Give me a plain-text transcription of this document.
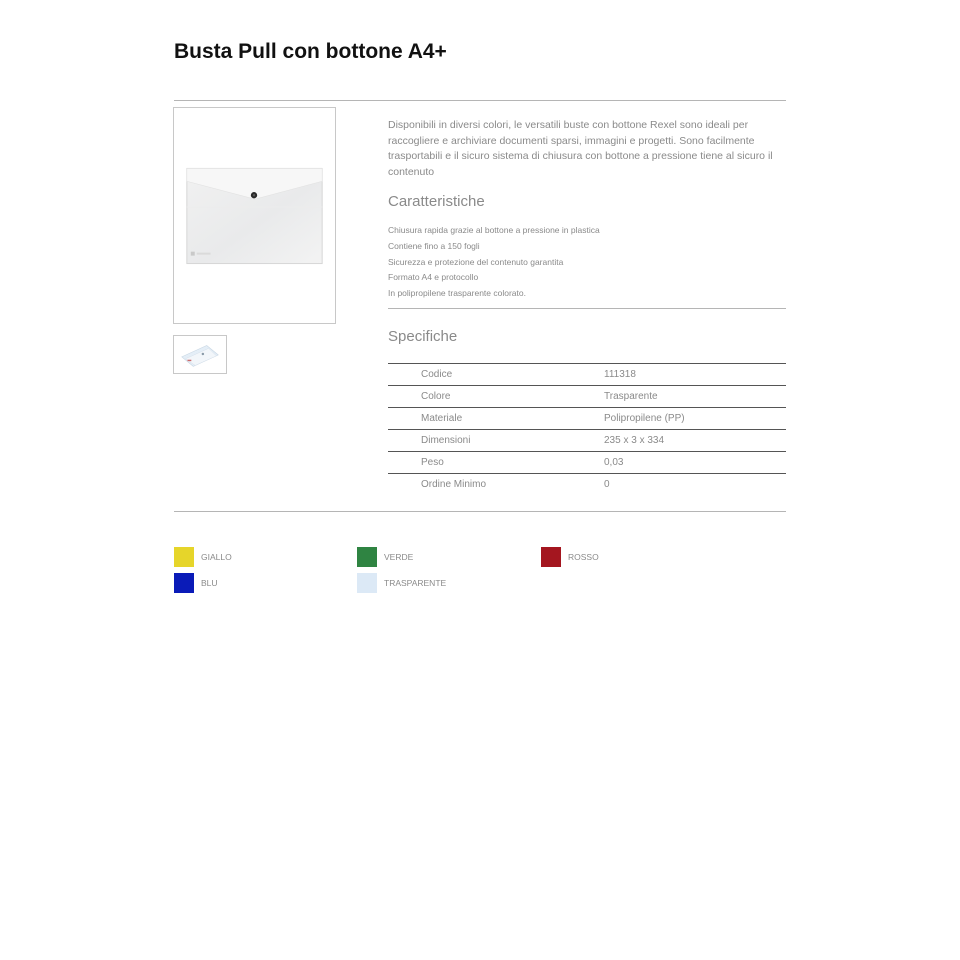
Busta Pull con bottone A4+

Disponibili in diversi colori, le versatili buste con bottone Rexel sono ideali per raccogliere e archiviare documenti sparsi, immagini e progetti. Sono facilmente trasportabili e il sicuro sistema di chiusura con bottone a pressione tiene al sicuro il contenuto

Caratteristiche
Chiusura rapida grazie al bottone a pressione in plastica
Contiene fino a 150 fogli
Sicurezza e protezione del contenuto garantita
Formato A4 e protocollo
In polipropilene trasparente colorato.
Specifiche
Codice	111318
Colore	Trasparente
Materiale	Polipropilene (PP)
Dimensioni	235 x 3 x 334
Peso	0,03
Ordine Minimo	0
GIALLO	VERDE	ROSSO
BLU	TRASPARENTE
